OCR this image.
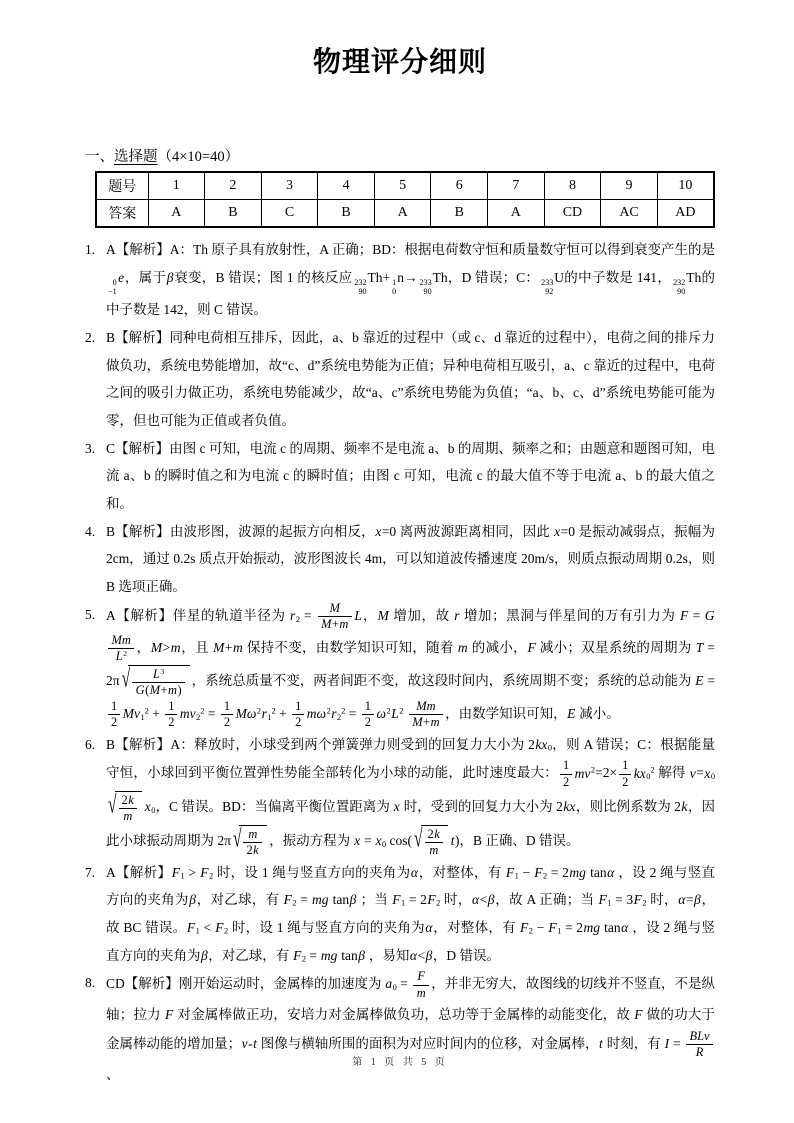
物理评分细则
一、选择题（4×10=40）
题号	1	2	3	4	5	6	7	8	9	10
答案	A	B	C	B	A	B	A	CD	AC	AD
1. A【解析】A：Th 原子具有放射性，A 正确；BD：根据电荷数守恒和质量数守恒可以得到衰变产生的是
0
−1
e，属于β衰变，B 错误；图 1 的核反应 232
90
Th+ 1
0
n→ 233
90
Th，D 错误；C： 233
92
U的中子数是 141， 232
90
Th的中子数是 142，则 C 错误。
2. B【解析】同种电荷相互排斥，因此，a、b 靠近的过程中（或 c、d 靠近的过程中），电荷之间的排斥力做负功，系统电势能增加，故“c、d”系统电势能为正值；异种电荷相互吸引，a、c 靠近的过程中，电荷之间的吸引力做正功，系统电势能减少，故“a、c”系统电势能为负值；“a、b、c、d”系统电势能可能为零，但也可能为正值或者负值。
3. C【解析】由图 c 可知，电流 c 的周期、频率不是电流 a、b 的周期、频率之和；由题意和题图可知，电流 a、b 的瞬时值之和为电流 c 的瞬时值；由图 c 可知，电流 c 的最大值不等于电流 a、b 的最大值之和。
4. B【解析】由波形图，波源的起振方向相反，x=0 离两波源距离相同，因此 x=0 是振动减弱点，振幅为 2cm，通过 0.2s 质点开始振动，波形图波长 4m，可以知道波传播速度 20m/s，则质点振动周期 0.2s，则 B 选项正确。
5. A【解析】伴星的轨道半径为 $r_2 = \frac{M}{M+m}$ L，M 增加，故 r 增加；黑洞与伴星间的万有引力为 F = G
$\frac{Mm}{L^2}$ ，M>m，且 M+m 保持不变，由数学知识可知，随着 m 的减小，F 减小；双星系统的周期为 T = 2π √ $\frac{L^3}{G(M+m)}$ ，系统总质量不变，两者间距不变，故这段时间内，系统周期不变；系统的总动能为 E =
$\frac{1}{2} Mv_1^2 + \frac{1}{2} mv_2^2 = \frac{1}{2} M\omega^2r_1^2 + \frac{1}{2} m\omega^2r_2^2 = \frac{1}{2} \omega^2L^2 \frac{Mm}{M+m}$ ，由数学知识可知，E 减小。
6. B【解析】A：释放时，小球受到两个弹簧弹力则受到的回复力大小为 $2kx_0$，则 A 错误；C：根据能量守恒，小球回到平衡位置弹性势能全部转化为小球的动能，此时速度最大： $\frac{1}{2} mv^2=2\times \frac{1}{2} kx_0^2$ 解得 $v=x_0$
√ $\frac{2k}{m} x_0$，C 错误。BD：当偏离平衡位置距离为 x 时，受到的回复力大小为 2kx，则比例系数为 2k，因此小球振动周期为 2π √ $\frac{m}{2k}$ ，振动方程为 $x = x_0$ cos( √ $\frac{2k}{m} t$)，B 正确、D 错误。
7. A【解析】$F_1 > F_2$ 时，设 1 绳与竖直方向的夹角为α，对整体，有 $F_1 - F_2 = 2mg$ tanα ，设 2 绳与竖直方向的夹角为β，对乙球，有 $F_2$ = mg tanβ ；当 $F_1 = 2F_2$ 时，α<β，故 A 正确；当 $F_1 = 3F_2$ 时，α=β，故 BC 错误。$F_1 < F_2$ 时，设 1 绳与竖直方向的夹角为α，对整体，有 $F_2 - F_1 = 2mg$ tanα ，设 2 绳与竖直方向的夹角为β，对乙球，有 $F_2$ = mg tanβ ，易知α<β，D 错误。
8. CD【解析】刚开始运动时，金属棒的加速度为 $a_0 = \frac{F}{m}$ ，并非无穷大，故图线的切线并不竖直，不是纵轴；拉力 F 对金属棒做正功，安培力对金属棒做负功，总功等于金属棒的动能变化，故 F 做的功大于金属棒动能的增加量；v-t 图像与横轴所围的面积为对应时间内的位移，对金属棒，t 时刻，有 $I = \frac{\text{BLv}}{R}$
、
第 1 页 共 5 页
